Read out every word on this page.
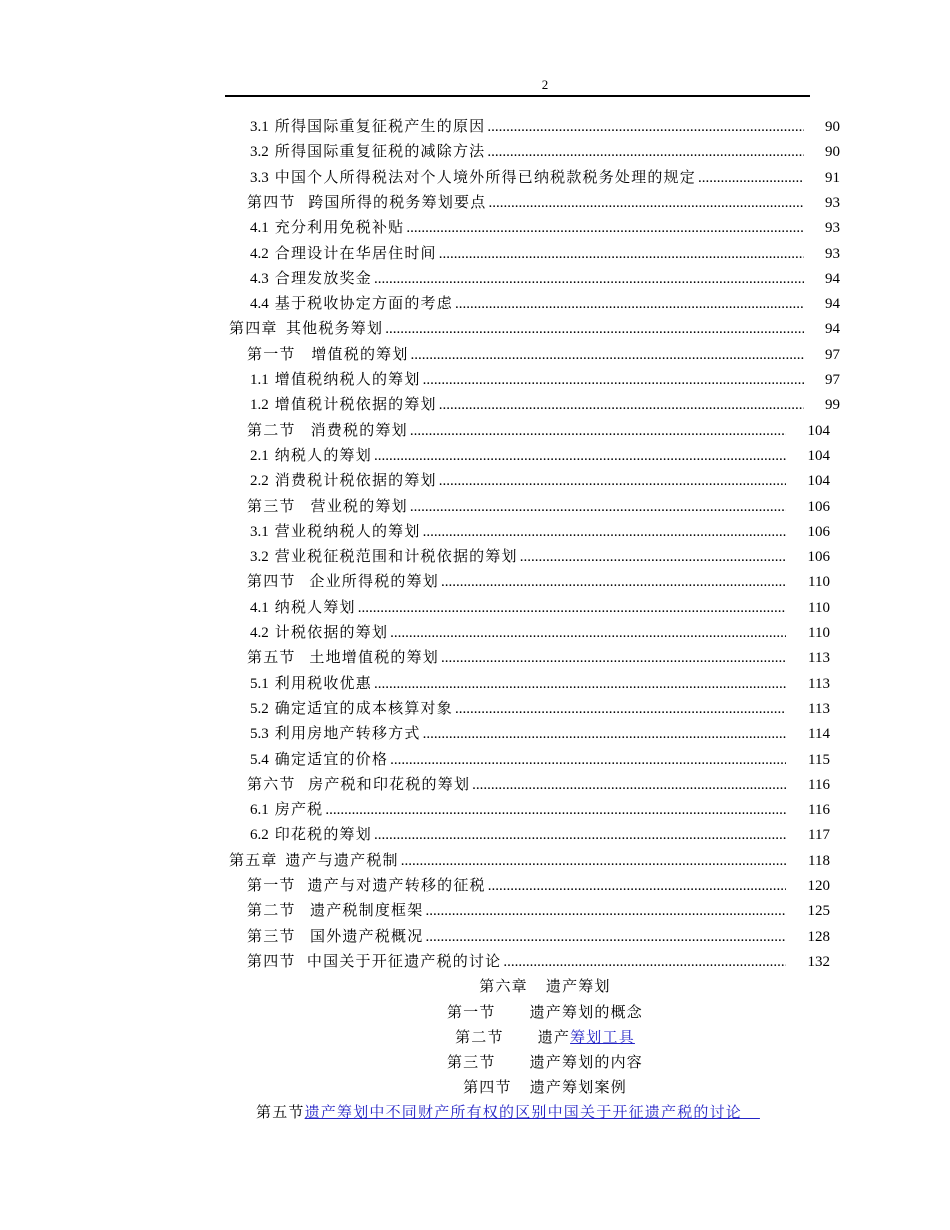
2
3.1 所得国际重复征税产生的原因 .....	90
3.2 所得国际重复征税的减除方法 .....	90
3.3 中国个人所得税法对个人境外所得已纳税款税务处理的规定 .....	91
第四节 跨国所得的税务筹划要点 .....	93
4.1 充分利用免税补贴 .....	93
4.2 合理设计在华居住时间 .....	93
4.3 合理发放奖金 .....	94
4.4 基于税收协定方面的考虑 .....	94
第四章 其他税务筹划 .....	94
第一节 增值税的筹划 .....	97
1.1 增值税纳税人的筹划 .....	97
1.2 增值税计税依据的筹划 .....	99
第二节 消费税的筹划 .....	104
2.1 纳税人的筹划 .....	104
2.2 消费税计税依据的筹划 .....	104
第三节 营业税的筹划 .....	106
3.1 营业税纳税人的筹划 .....	106
3.2 营业税征税范围和计税依据的筹划 .....	106
第四节 企业所得税的筹划 .....	110
4.1 纳税人筹划 .....	110
4.2 计税依据的筹划 .....	110
第五节 土地增值税的筹划 .....	113
5.1 利用税收优惠 .....	113
5.2 确定适宜的成本核算对象 .....	113
5.3 利用房地产转移方式 .....	114
5.4 确定适宜的价格 .....	115
第六节 房产税和印花税的筹划 .....	116
6.1 房产税 .....	116
6.2 印花税的筹划 .....	117
第五章 遗产与遗产税制 .....	118
第一节 遗产与对遗产转移的征税 .....	120
第二节 遗产税制度框架 .....	125
第三节 国外遗产税概况 .....	128
第四节 中国关于开征遗产税的讨论 .....	132
第六章 遗产筹划
第一节 遗产筹划的概念
第二节 遗产筹划工具
第三节 遗产筹划的内容
第四节 遗产筹划案例
第五节遗产筹划中不同财产所有权的区别中国关于开征遗产税的讨论
